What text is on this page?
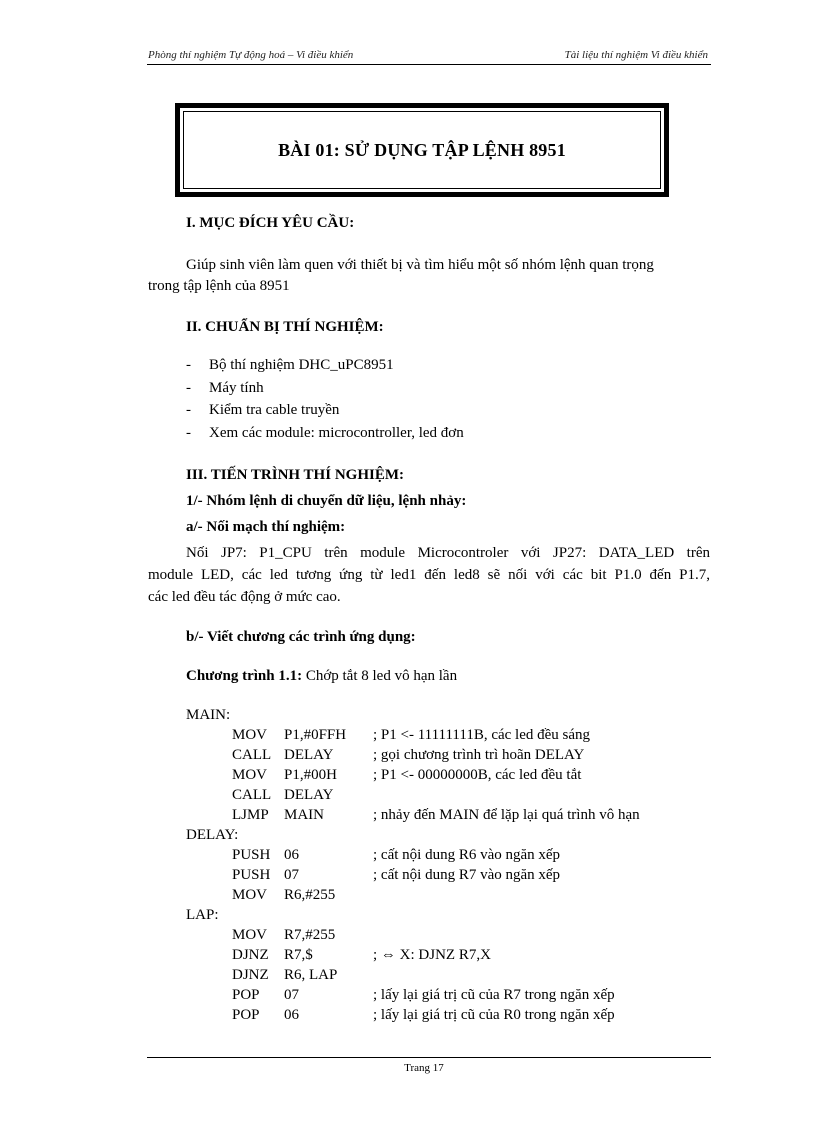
Phòng thí nghiệm Tự động hoá – Vi điều khiển	Tài liệu thí nghiệm Vi điều khiển
BÀI 01: SỬ DỤNG TẬP LỆNH 8951
I. MỤC ĐÍCH YÊU CẦU:
Giúp sinh viên làm quen với thiết bị và tìm hiểu một số nhóm lệnh quan trọng
trong tập lệnh của 8951
II. CHUẨN BỊ THÍ NGHIỆM:
-	Bộ thí nghiệm DHC_uPC8951
-	Máy tính
-	Kiểm tra cable truyền
-	Xem các module: microcontroller, led đơn
III. TIẾN TRÌNH THÍ NGHIỆM:
1/- Nhóm lệnh di chuyển dữ liệu, lệnh nhảy:
a/- Nối mạch thí nghiệm:
Nối JP7: P1_CPU trên module Microcontroler với JP27: DATA_LED trên
module LED, các led tương ứng từ led1 đến led8 sẽ nối với các bit P1.0 đến P1.7,
các led đều tác động ở mức cao.
b/- Viết chương các trình ứng dụng:
Chương trình 1.1: Chớp tắt 8 led vô hạn lần
MAIN:
MOV P1,#0FFH ; P1 <- 11111111B, các led đều sáng
CALL DELAY	; gọi chương trình trì hoãn DELAY
MOV P1,#00H ; P1 <- 00000000B, các led đều tắt
CALL DELAY
LJMP MAIN	; nhảy đến MAIN để lặp lại quá trình vô hạn
DELAY:
PUSH 06	; cất nội dung R6 vào ngăn xếp
PUSH 07	; cất nội dung R7 vào ngăn xếp
MOV R6,#255
LAP:
MOV R7,#255
DJNZ R7,$	; ⇔ X: DJNZ R7,X
DJNZ R6, LAP
POP 07	; lấy lại giá trị cũ của R7 trong ngăn xếp
POP 06	; lấy lại giá trị cũ của R0 trong ngăn xếp
Trang 17
